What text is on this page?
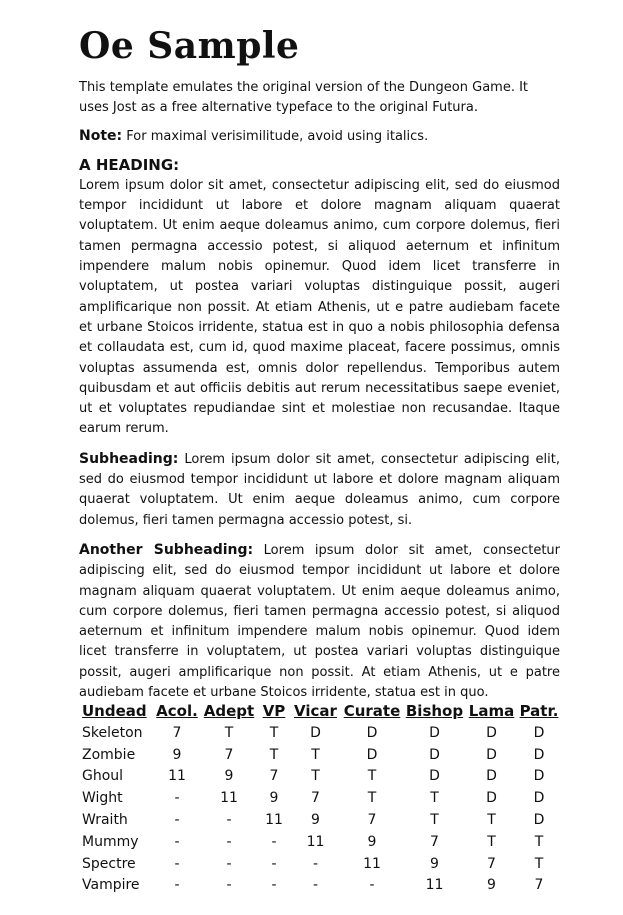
Oe Sample

This template emulates the original version of the Dungeon Game. It uses Jost as a free alternative typeface to the original Futura.

Note: For maximal verisimilitude, avoid using italics.

A HEADING:

Lorem ipsum dolor sit amet, consectetur adipiscing elit, sed do eiusmod tempor incididunt ut labore et dolore magnam aliquam quaerat voluptatem. Ut enim aeque doleamus animo, cum corpore dolemus, fieri tamen permagna accessio potest, si aliquod aeternum et infinitum impendere malum nobis opinemur. Quod idem licet transferre in voluptatem, ut postea variari voluptas distinguique possit, augeri amplificarique non possit. At etiam Athenis, ut e patre audiebam facete et urbane Stoicos irridente, statua est in quo a nobis philosophia defensa et collaudata est, cum id, quod maxime placeat, facere possimus, omnis voluptas assumenda est, omnis dolor repellendus. Temporibus autem quibusdam et aut officiis debitis aut rerum necessitatibus saepe eveniet, ut et voluptates repudiandae sint et molestiae non recusandae. Itaque earum rerum.

Subheading: Lorem ipsum dolor sit amet, consectetur adipiscing elit, sed do eiusmod tempor incididunt ut labore et dolore magnam aliquam quaerat voluptatem. Ut enim aeque doleamus animo, cum corpore dolemus, fieri tamen permagna accessio potest, si.

Another Subheading: Lorem ipsum dolor sit amet, consectetur adipiscing elit, sed do eiusmod tempor incididunt ut labore et dolore magnam aliquam quaerat voluptatem. Ut enim aeque doleamus animo, cum corpore dolemus, fieri tamen permagna accessio potest, si aliquod aeternum et infinitum impendere malum nobis opinemur. Quod idem licet transferre in voluptatem, ut postea variari voluptas distinguique possit, augeri amplificarique non possit. At etiam Athenis, ut e patre audiebam facete et urbane Stoicos irridente, statua est in quo.

Undead	Acol.	Adept	VP	Vicar	Curate	Bishop	Lama	Patr.
Skeleton	7	T	T	D	D	D	D	D
Zombie	9	7	T	T	D	D	D	D
Ghoul	11	9	7	T	T	D	D	D
Wight	-	11	9	7	T	T	D	D
Wraith	-	-	11	9	7	T	T	D
Mummy	-	-	-	11	9	7	T	T
Spectre	-	-	-	-	11	9	7	T
Vampire	-	-	-	-	-	11	9	7
